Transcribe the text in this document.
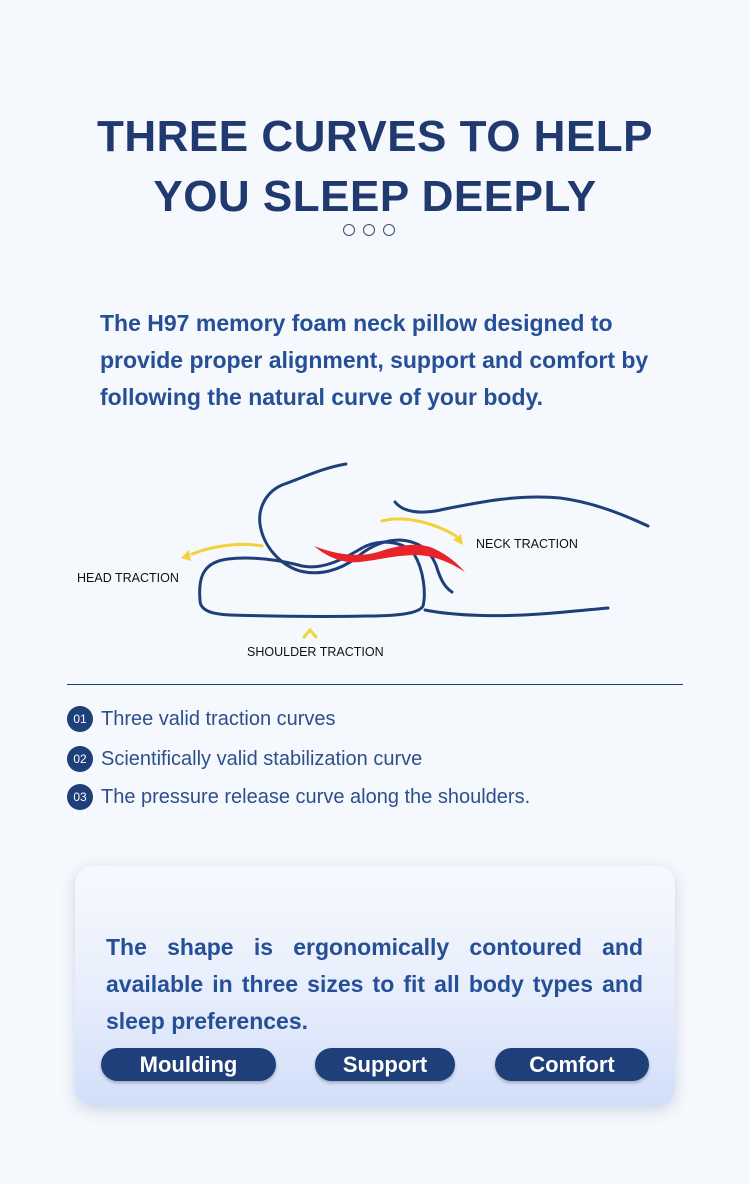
THREE CURVES TO HELP
YOU SLEEP DEEPLY

The H97 memory foam neck pillow designed to provide proper alignment, support and comfort by following the natural curve of your body.

NECK TRACTION
HEAD TRACTION
SHOULDER TRACTION
01 Three valid traction curves
02 Scientifically valid stabilization curve
03 The pressure release curve along the shoulders.

The shape is ergonomically contoured and available in three sizes to fit all body types and sleep preferences.

Moulding	Support	Comfort
